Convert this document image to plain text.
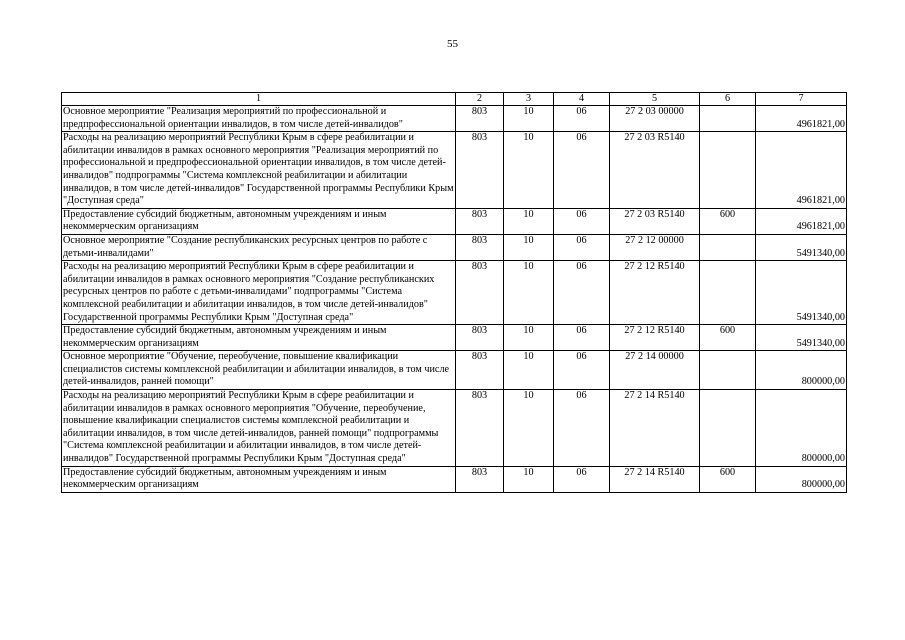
55
1	2	3	4	5	6	7
Основное мероприятие "Реализация мероприятий по профессиональной и предпрофессиональной ориентации инвалидов, в том числе детей-инвалидов"	803	10	06	27 2 03 00000		4961821,00
Расходы на реализацию мероприятий Республики Крым в сфере реабилитации и абилитации инвалидов в рамках основного мероприятия "Реализация мероприятий по профессиональной и предпрофессиональной ориентации инвалидов, в том числе детей-инвалидов" подпрограммы "Система комплексной реабилитации и абилитации инвалидов, в том числе детей-инвалидов" Государственной программы Республики Крым "Доступная среда"	803	10	06	27 2 03 R5140		4961821,00
Предоставление субсидий бюджетным, автономным учреждениям и иным некоммерческим организациям	803	10	06	27 2 03 R5140	600	4961821,00
Основное мероприятие "Создание республиканских ресурсных центров по работе с детьми-инвалидами"	803	10	06	27 2 12 00000		5491340,00
Расходы на реализацию мероприятий Республики Крым в сфере реабилитации и абилитации инвалидов в рамках основного мероприятия "Создание республиканских ресурсных центров по работе с детьми-инвалидами" подпрограммы "Система комплексной реабилитации и абилитации инвалидов, в том числе детей-инвалидов" Государственной программы Республики Крым "Доступная среда"	803	10	06	27 2 12 R5140		5491340,00
Предоставление субсидий бюджетным, автономным учреждениям и иным некоммерческим организациям	803	10	06	27 2 12 R5140	600	5491340,00
Основное мероприятие "Обучение, переобучение, повышение квалификации специалистов системы комплексной реабилитации и абилитации инвалидов, в том числе детей-инвалидов, ранней помощи"	803	10	06	27 2 14 00000		800000,00
Расходы на реализацию мероприятий Республики Крым в сфере реабилитации и абилитации инвалидов в рамках основного мероприятия "Обучение, переобучение, повышение квалификации специалистов системы комплексной реабилитации и абилитации инвалидов, в том числе детей-инвалидов, ранней помощи" подпрограммы "Система комплексной реабилитации и абилитации инвалидов, в том числе детей-инвалидов" Государственной программы Республики Крым "Доступная среда"	803	10	06	27 2 14 R5140		800000,00
Предоставление субсидий бюджетным, автономным учреждениям и иным некоммерческим организациям	803	10	06	27 2 14 R5140	600	800000,00
